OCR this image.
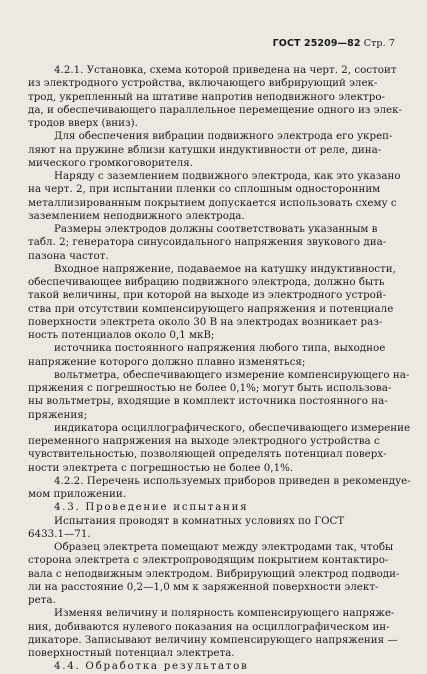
ГОСТ 25209—82 Стр. 7
4.2.1. Установка, схема которой приведена на черт. 2, состоит
из электродного устройства, включающего вибрирующий элек-
трод, укрепленный на штативе напротив неподвижного электро-
да, и обеспечивающего параллельное перемещение одного из элек-
тродов вверх (вниз).
Для обеспечения вибрации подвижного электрода его укреп-
ляют на пружине вблизи катушки индуктивности от реле, дина-
мического громкоговорителя.
Наряду с заземлением подвижного электрода, как это указано
на черт. 2, при испытании пленки со сплошным односторонним
металлизированным покрытием допускается использовать схему с
заземлением неподвижного электрода.
Размеры электродов должны соответствовать указанным в
табл. 2; генератора синусоидального напряжения звукового диа-
пазона частот.
Входное напряжение, подаваемое на катушку индуктивности,
обеспечивающее вибрацию подвижного электрода, должно быть
такой величины, при которой на выходе из электродного устрой-
ства при отсутствии компенсирующего напряжения и потенциале
поверхности электрета около 30 В на электродах возникает раз-
ность потенциалов около 0,1 мкВ;
источника постоянного напряжения любого типа, выходное
напряжение которого должно плавно изменяться;
вольтметра, обеспечивающего измерение компенсирующего на-
пряжения с погрешностью не более 0,1%; могут быть использова-
ны вольтметры, входящие в комплект источника постоянного на-
пряжения;
индикатора осциллографического, обеспечивающего измерение
переменного напряжения на выходе электродного устройства с
чувствительностью, позволяющей определять потенциал поверх-
ности электрета с погрешностью не более 0,1%.
4.2.2. Перечень используемых приборов приведен в рекомендуе-
мом приложении.
4.3. Проведение испытания
Испытания проводят в комнатных условиях по ГОСТ
6433.1—71.
Образец электрета помещают между электродами так, чтобы
сторона электрета с электропроводящим покрытием контактиро-
вала с неподвижным электродом. Вибрирующий электрод подводи-
ли на расстояние 0,2—1,0 мм к заряженной поверхности элект-
рета.
Изменяя величину и полярность компенсирующего напряже-
ния, добиваются нулевого показания на осциллографическом ин-
дикаторе. Записывают величину компенсирующего напряжения —
поверхностный потенциал электрета.
4.4. Обработка результатов
